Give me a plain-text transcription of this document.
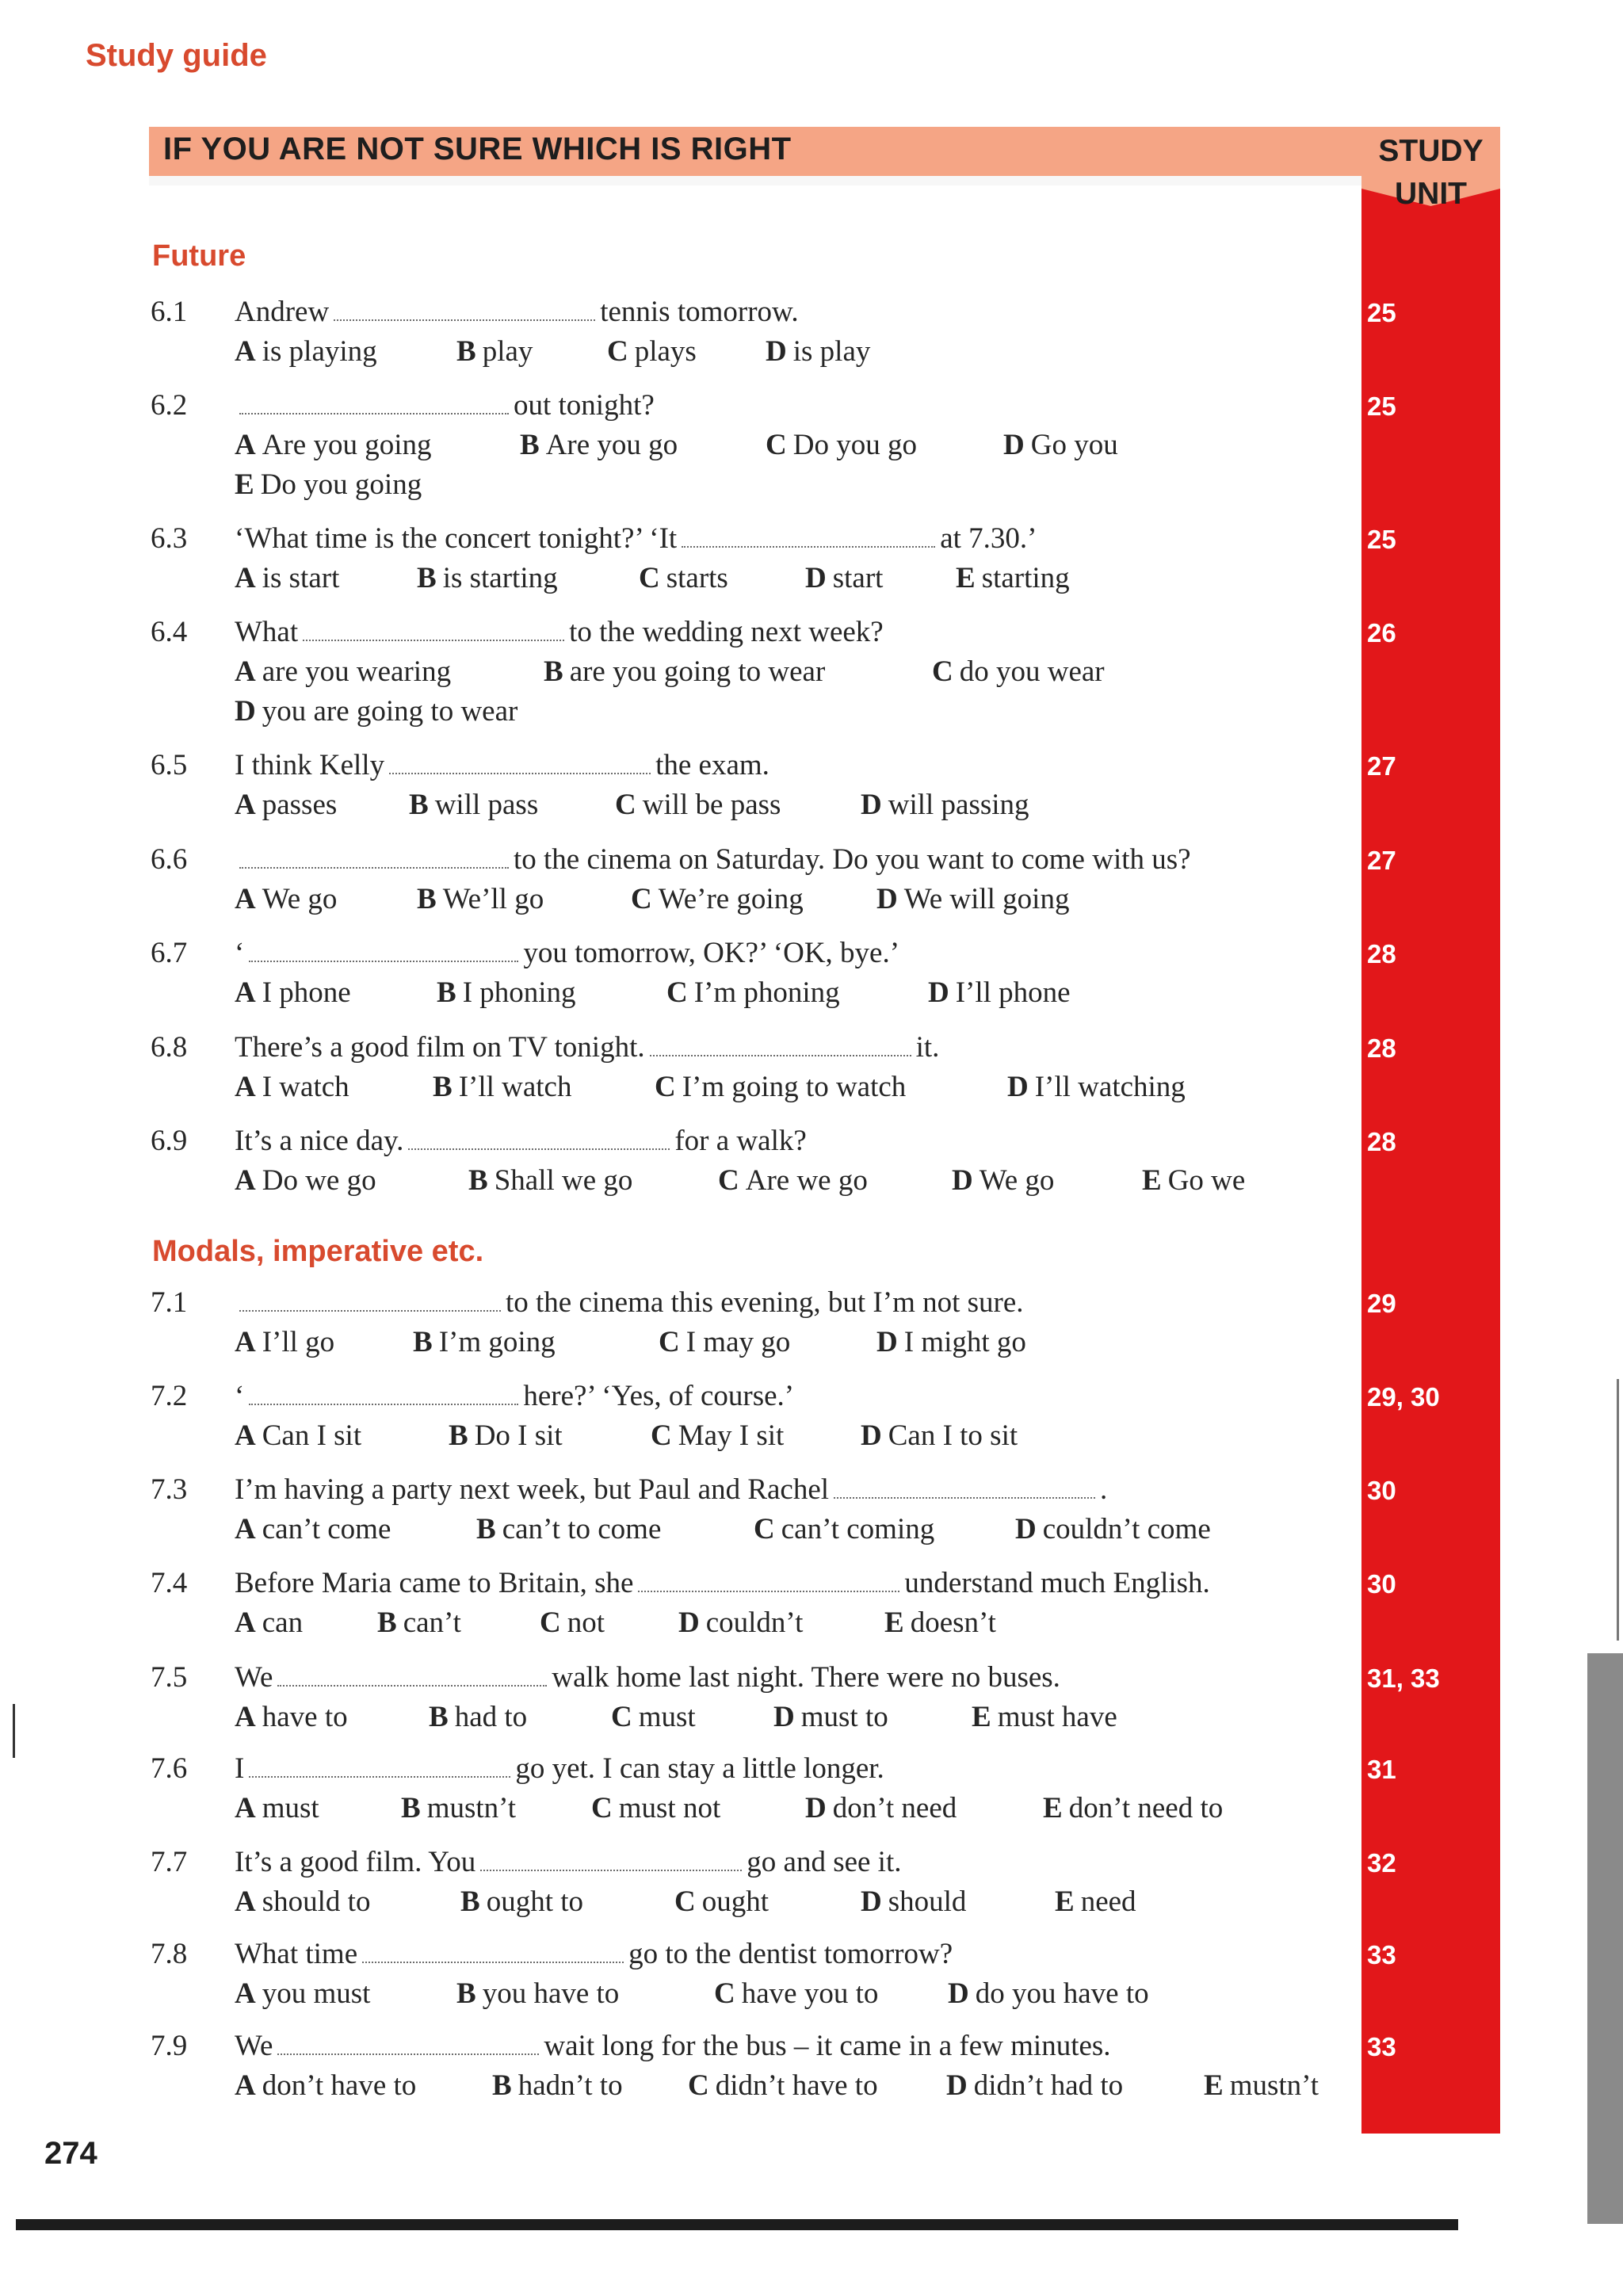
Study guide
IF YOU ARE NOT SURE WHICH IS RIGHT	STUDY
UNIT
Future
Modals, imperative etc.
6.1 Andrew	tennis tomorrow.
A is playing	B play	C plays D is play
25
6.2	out tonight?
A Are you going	B Are you go	C Do you go	D Go you
E Do you going
25
6.3 ‘What time is the concert tonight?’ ‘It	at 7.30.’
A is start	B is starting	C starts	D start E starting
25
6.4 What	to the wedding next week?
A are you wearing	B are you going to wear	C do you wear
D you are going to wear
26
6.5 I think Kelly	the exam.
A passes B will pass	C will be pass	D will passing
27
6.6	to the cinema on Saturday. Do you want to come with us?
A We go	B We’ll go	C We’re going D We will going
27
6.7 ‘	you tomorrow, OK?’ ‘OK, bye.’
A I phone	B I phoning	C I’m phoning	D I’ll phone
28
6.8 There’s a good film on TV tonight.	it.
A I watch	B I’ll watch	C I’m going to watch	D I’ll watching
28
6.9 It’s a nice day.	for a walk?
A Do we go	B Shall we go	C Are we go	D We go	E Go we
28
7.1	to the cinema this evening, but I’m not sure.
A I’ll go	B I’m going	C I may go	D I might go
29
7.2 ‘	here?’ ‘Yes, of course.’
A Can I sit	B Do I sit	C May I sit	D Can I to sit
29, 30
7.3 I’m having a party next week, but Paul and Rachel	.
A can’t come	B can’t to come	C can’t coming	D couldn’t come
30
7.4 Before Maria came to Britain, she	understand much English.
A can	B can’t	C not	D couldn’t	E doesn’t
30
7.5 We	walk home last night. There were no buses.
A have to	B had to	C must	D must to	E must have
31, 33
7.6 I	go yet. I can stay a little longer.
A must	B mustn’t	C must not	D don’t need	E don’t need to
31
7.7 It’s a good film. You	go and see it.
A should to	B ought to	C ought	D should	E need
32
7.8 What time	go to the dentist tomorrow?
A you must	B you have to	C have you to D do you have to
33
7.9 We	wait long for the bus – it came in a few minutes.
A don’t have to	B hadn’t to C didn’t have to D didn’t had to	E mustn’t
33
274
